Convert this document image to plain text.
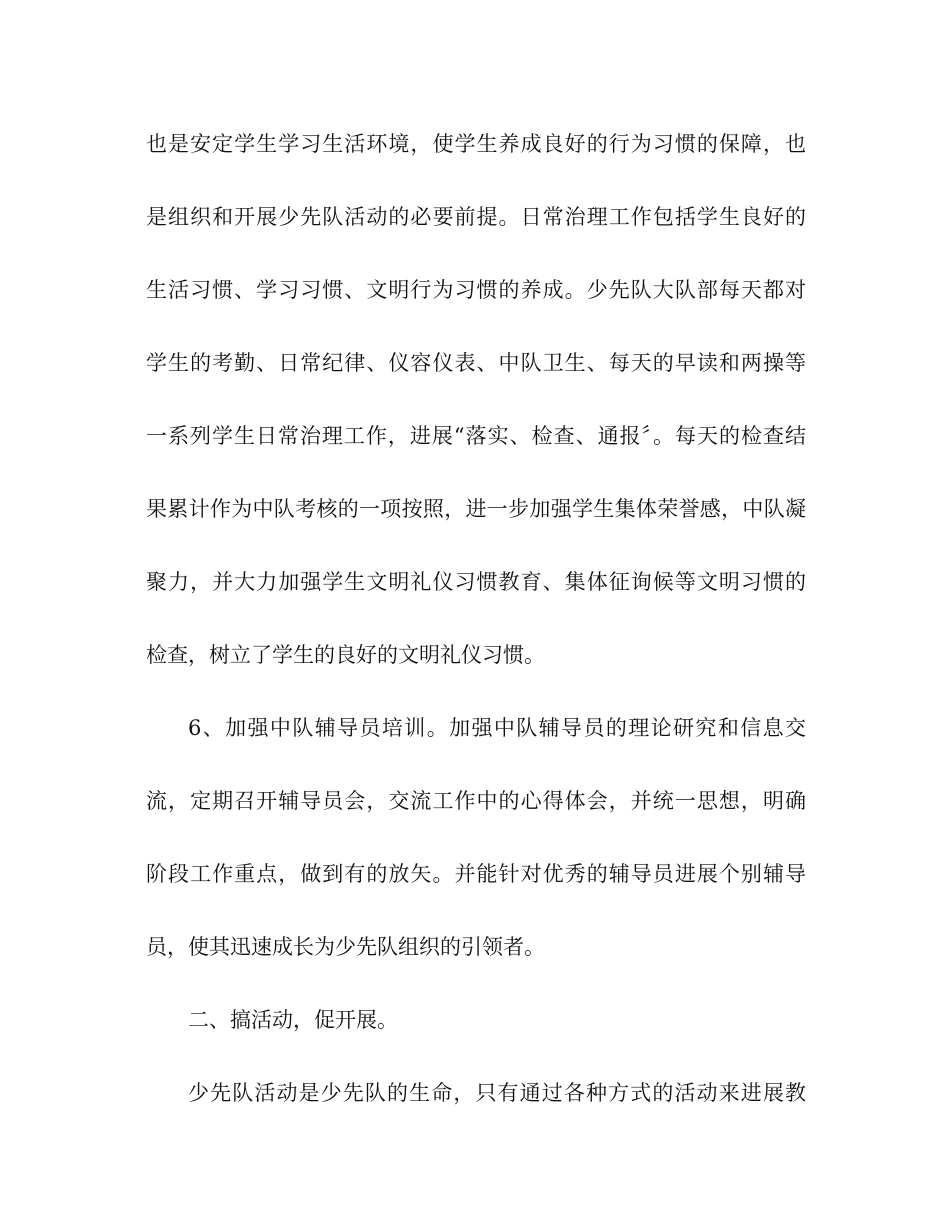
也是安定学生学习生活环境，使学生养成良好的行为习惯的保障，也
是组织和开展少先队活动的必要前提。日常治理工作包括学生良好的
生活习惯、学习习惯、文明行为习惯的养成。少先队大队部每天都对
学生的考勤、日常纪律、仪容仪表、中队卫生、每天的早读和两操等
一系列学生日常治理工作，进展“落实、检查、通报〞。每天的检查结
果累计作为中队考核的一项按照，进一步加强学生集体荣誉感，中队凝
聚力，并大力加强学生文明礼仪习惯教育、集体征询候等文明习惯的
检查，树立了学生的良好的文明礼仪习惯。
6、加强中队辅导员培训。加强中队辅导员的理论研究和信息交
流，定期召开辅导员会，交流工作中的心得体会，并统一思想，明确
阶段工作重点，做到有的放矢。并能针对优秀的辅导员进展个别辅导
员，使其迅速成长为少先队组织的引领者。
二、搞活动，促开展。
少先队活动是少先队的生命，只有通过各种方式的活动来进展教
